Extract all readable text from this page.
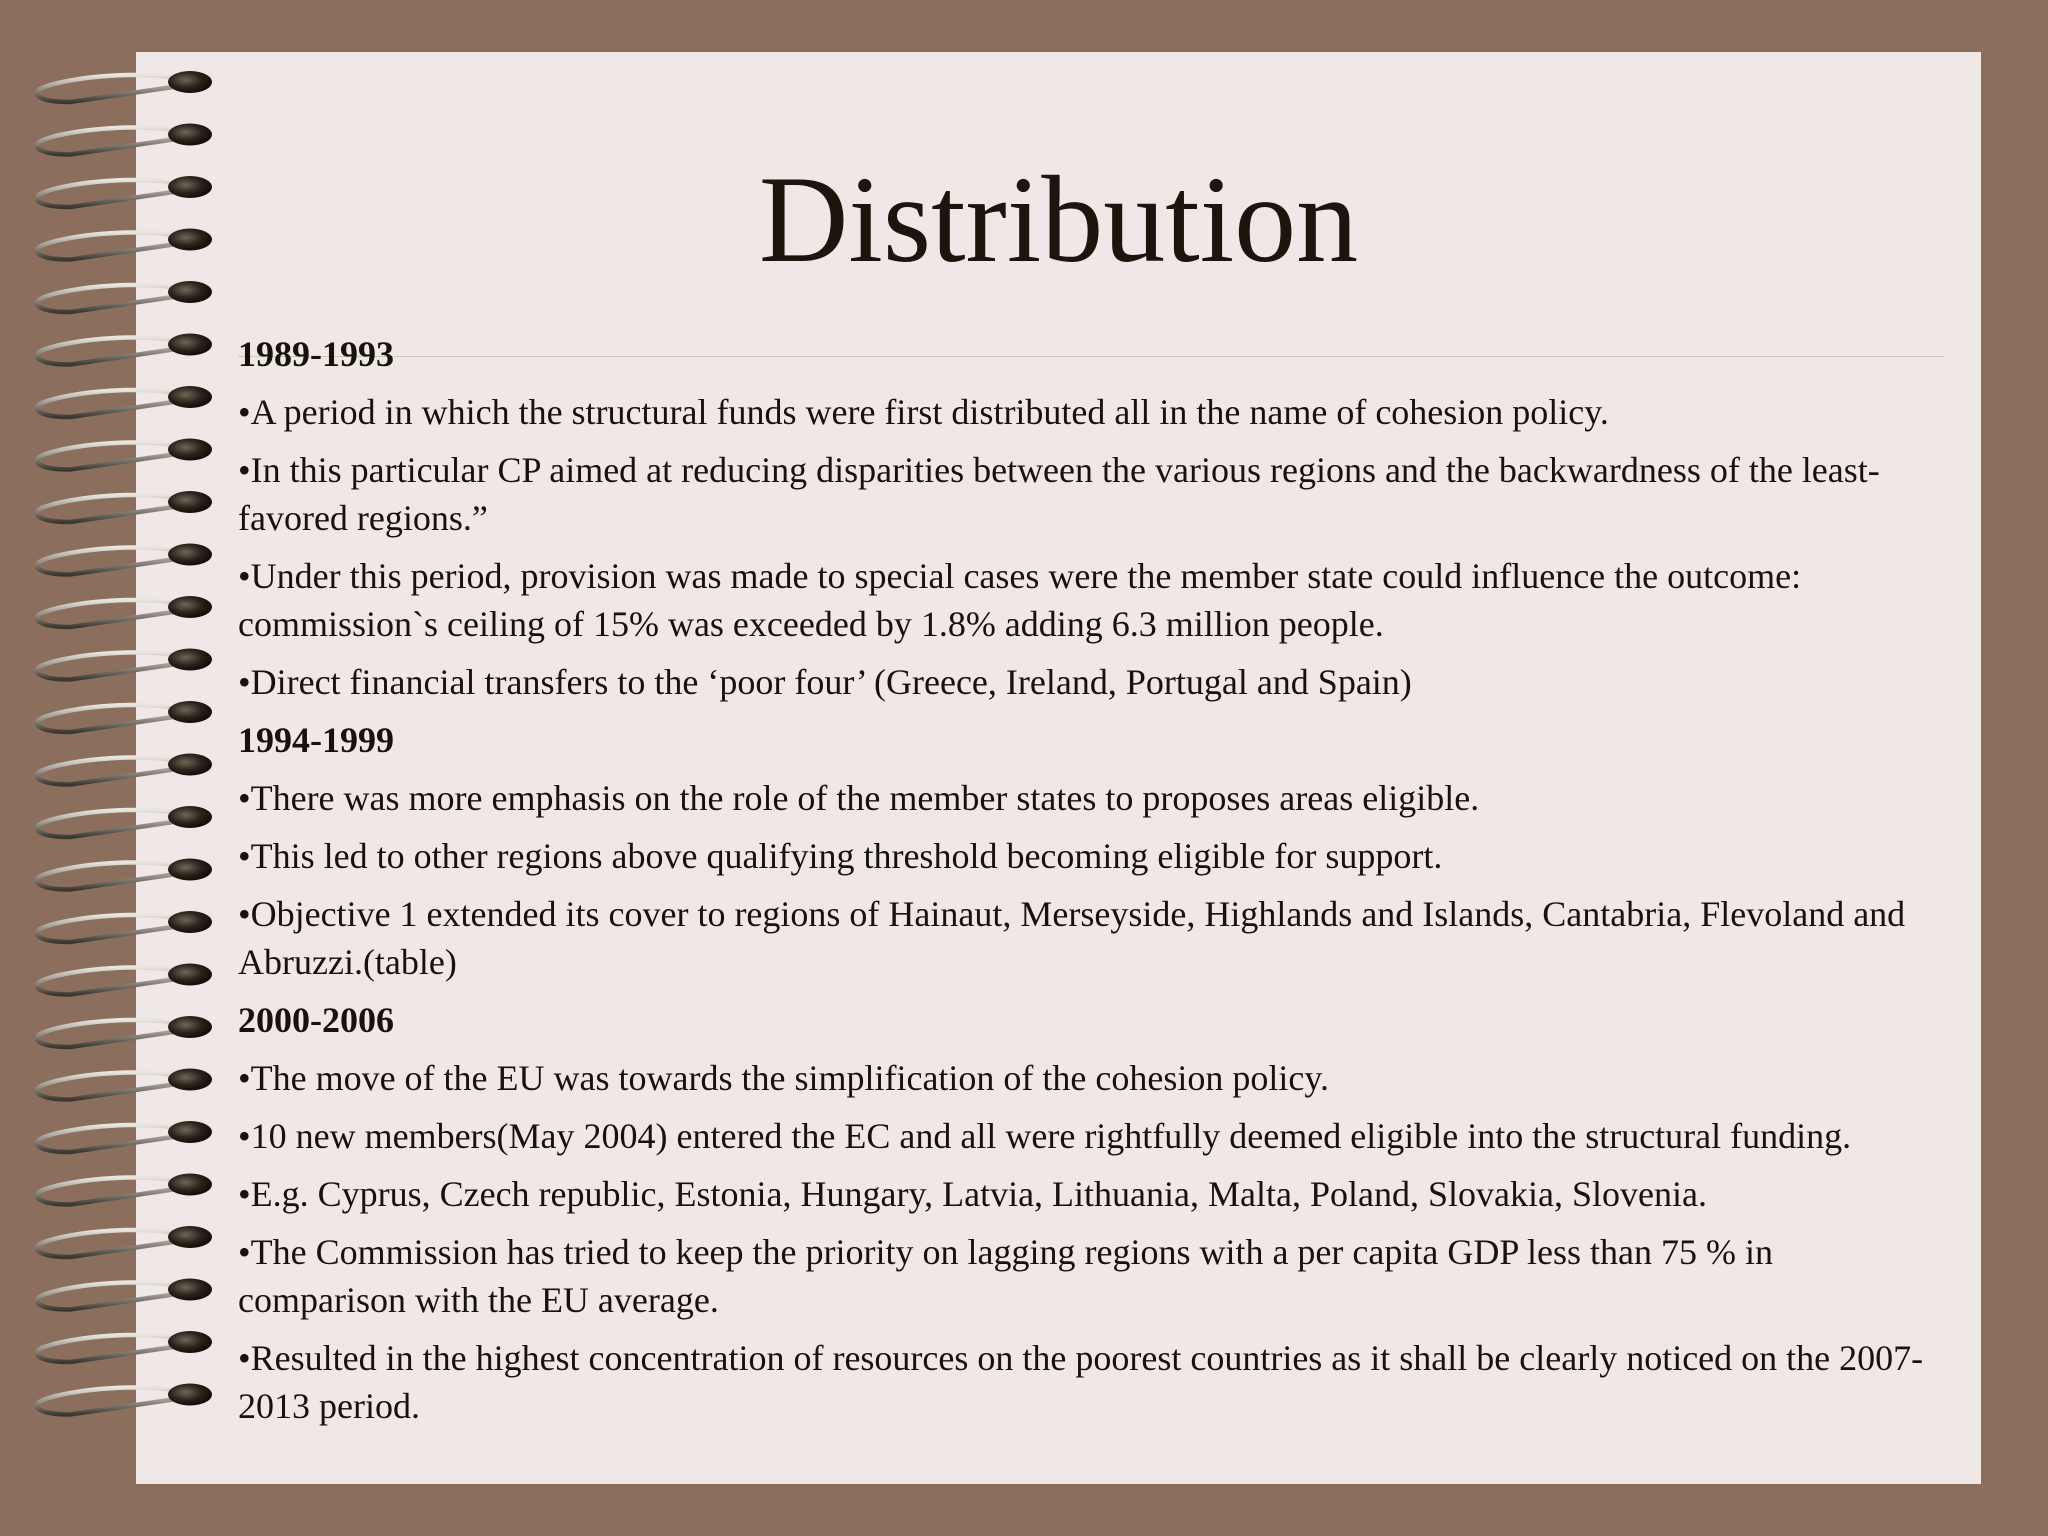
Distribution
1989-1993
•A period in which the structural funds were first distributed all in the name of cohesion policy.
•In this particular CP aimed at reducing disparities between the various regions and the backwardness of the least-favored regions.”
•Under this period, provision was made to special cases were the member state could influence the outcome: commission`s ceiling of 15% was exceeded by 1.8% adding 6.3 million people.
•Direct financial transfers to the ‘poor four’ (Greece, Ireland, Portugal and Spain)
1994-1999
•There was more emphasis on the role of the member states to proposes areas eligible.
•This led to other regions above qualifying threshold becoming eligible for support.
•Objective 1 extended its cover to regions of Hainaut, Merseyside, Highlands and Islands, Cantabria, Flevoland and Abruzzi.(table)
2000-2006
•The move of the EU was towards the simplification of the cohesion policy.
•10 new members(May 2004) entered the EC and all were rightfully deemed eligible into the structural funding.
•E.g. Cyprus, Czech republic, Estonia, Hungary, Latvia, Lithuania, Malta, Poland, Slovakia, Slovenia.
•The Commission has tried to keep the priority on lagging regions with a per capita GDP less than 75 % in comparison with the EU average.
•Resulted in the highest concentration of resources on the poorest countries as it shall be clearly noticed on the 2007-2013 period.
